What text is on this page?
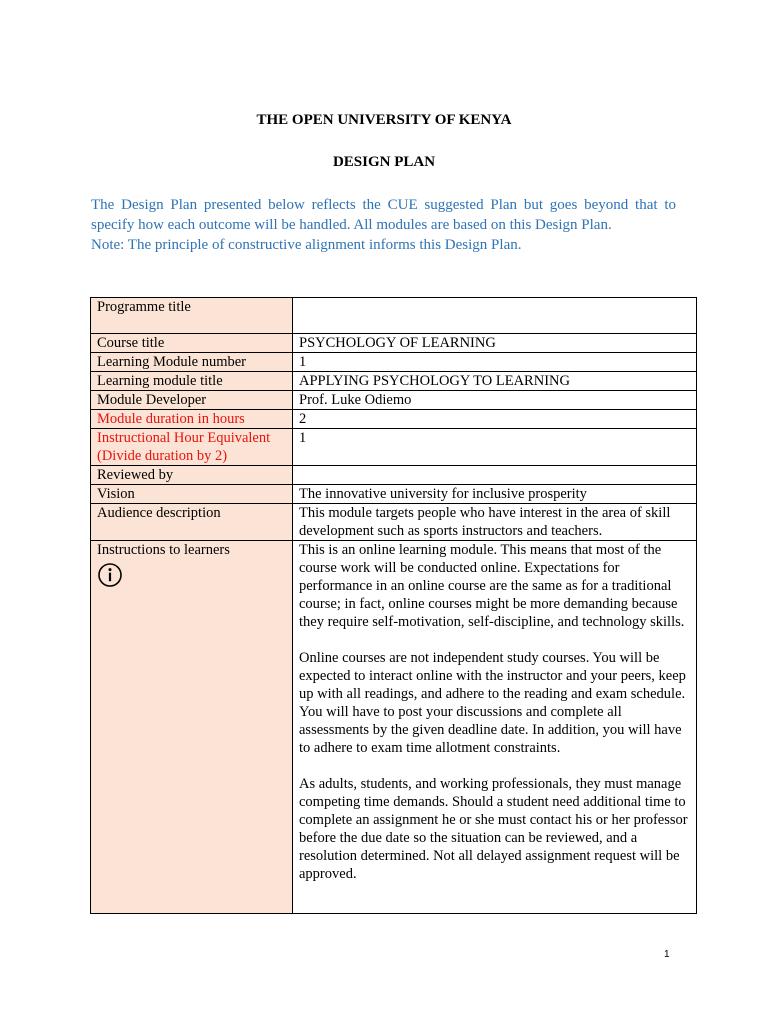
THE OPEN UNIVERSITY OF KENYA
DESIGN PLAN

The Design Plan presented below reflects the CUE suggested Plan but goes beyond that to specify how each outcome will be handled. All modules are based on this Design Plan.

Note: The principle of constructive alignment informs this Design Plan.

Programme title	
Course title	PSYCHOLOGY OF LEARNING
Learning Module number	1
Learning module title	APPLYING PSYCHOLOGY TO LEARNING
Module Developer	Prof. Luke Odiemo
Module duration in hours	2
Instructional Hour Equivalent (Divide duration by 2)	1
Reviewed by	
Vision	The innovative university for inclusive prosperity
Audience description	This module targets people who have interest in the area of skill development such as sports instructors and teachers.

Instructions to learners	This is an online learning module. This means that most of the course work will be conducted online. Expectations for performance in an online course are the same as for a traditional course; in fact, online courses might be more demanding because they require self-motivation, self-discipline, and technology skills.

Online courses are not independent study courses. You will be expected to interact online with the instructor and your peers, keep up with all readings, and adhere to the reading and exam schedule. You will have to post your discussions and complete all assessments by the given deadline date. In addition, you will have to adhere to exam time allotment constraints.

As adults, students, and working professionals, they must manage competing time demands. Should a student need additional time to complete an assignment he or she must contact his or her professor before the due date so the situation can be reviewed, and a resolution determined. Not all delayed assignment request will be approved.

1
